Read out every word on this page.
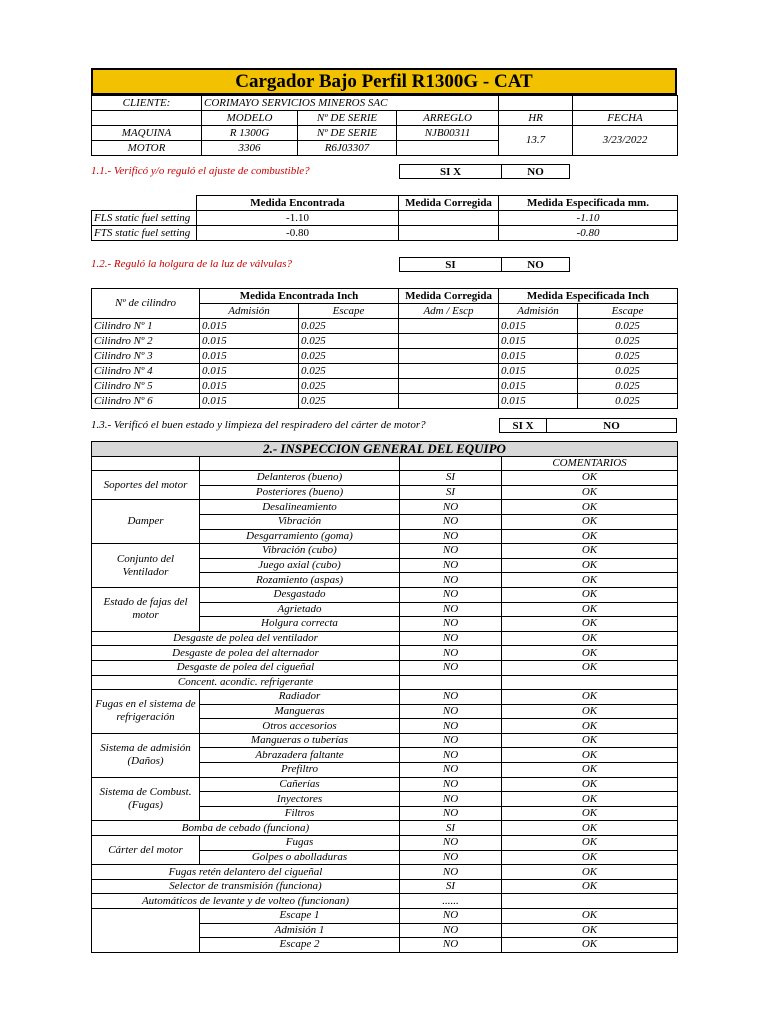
Cargador Bajo Perfil R1300G - CAT
CLIENTE:	CORIMAYO SERVICIOS MINEROS SAC				
	MODELO	Nº DE SERIE	ARREGLO	HR	FECHA
MAQUINA	R 1300G	Nº DE SERIE	NJB00311	13.7	3/23/2022
MOTOR	3306	R6J03307			
1.1.- Verificó y/o reguló el ajuste de combustible?	SI X	NO
	Medida Encontrada	Medida Corregida	Medida Especificada mm.
FLS static fuel setting	-1.10		-1.10
FTS static fuel setting	-0.80		-0.80
1.2.- Reguló la holgura de la luz de válvulas?	SI	NO
Nº de cilindro	Medida Encontrada Inch		Medida Corregida	Medida Especificada Inch	
	Admisión	Escape	Adm / Escp	Admisión	Escape
Cilindro Nº 1	0.015	0.025		0.015	0.025
Cilindro Nº 2	0.015	0.025		0.015	0.025
Cilindro Nº 3	0.015	0.025		0.015	0.025
Cilindro Nº 4	0.015	0.025		0.015	0.025
Cilindro Nº 5	0.015	0.025		0.015	0.025
Cilindro Nº 6	0.015	0.025		0.015	0.025
1.3.- Verificó el buen estado y limpieza del respiradero del cárter de motor?	SI X	NO
2.- INSPECCION GENERAL DEL EQUIPO			
			COMENTARIOS
Soportes del motor	Delanteros (bueno)	SI	OK
	Posteriores (bueno)	SI	OK
Damper	Desalineamiento	NO	OK
	Vibración	NO	OK
	Desgarramiento (goma)	NO	OK
Conjunto del Ventilador	Vibración (cubo)	NO	OK
	Juego axial (cubo)	NO	OK
	Rozamiento (aspas)	NO	OK
Estado de fajas del motor	Desgastado	NO	OK
	Agrietado	NO	OK
	Holgura correcta	NO	OK
Desgaste de polea del ventilador		NO	OK
Desgaste de polea del alternador		NO	OK
Desgaste de polea del cigueñal		NO	OK
Concent. acondic. refrigerante			
Fugas en el sistema de refrigeración	Radiador	NO	OK
	Mangueras	NO	OK
	Otros accesorios	NO	OK
Sistema de admisión (Daños)	Mangueras o tuberías	NO	OK
	Abrazadera faltante	NO	OK
	Prefiltro	NO	OK
Sistema de Combust. (Fugas)	Cañerías	NO	OK
	Inyectores	NO	OK
	Filtros	NO	OK
Bomba de cebado (funciona)		SI	OK
Cárter del motor	Fugas	NO	OK
	Golpes o abolladuras	NO	OK
Fugas retén delantero del cigueñal		NO	OK
Selector de transmisión (funciona)		SI	OK
Automáticos de levante y de volteo (funcionan)		......	
	Escape 1	NO	OK
	Admisión 1	NO	OK
	Escape 2	NO	OK
